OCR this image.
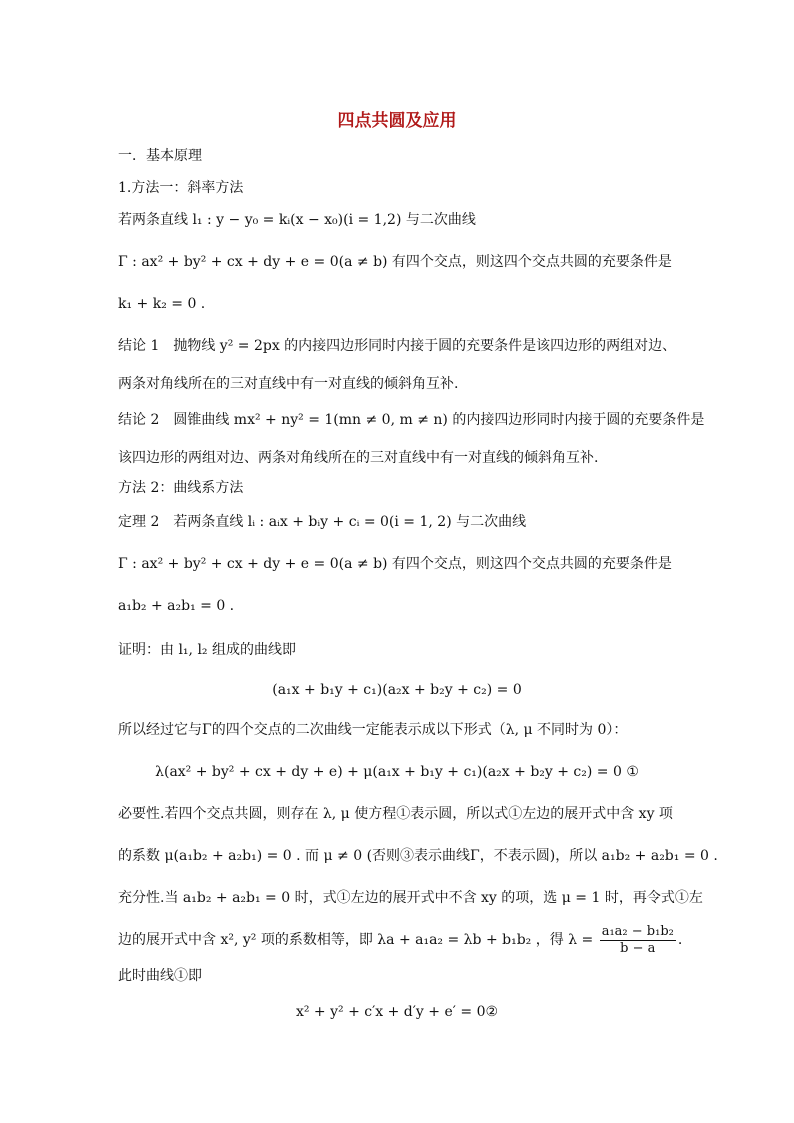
四点共圆及应用
一．基本原理
1.方法一：斜率方法
若两条直线 l₁ : y − y₀ = kᵢ(x − x₀)(i = 1,2) 与二次曲线
Γ : ax² + by² + cx + dy + e = 0(a ≠ b) 有四个交点，则这四个交点共圆的充要条件是
k₁ + k₂ = 0 .
结论 1　抛物线 y² = 2px 的内接四边形同时内接于圆的充要条件是该四边形的两组对边、
两条对角线所在的三对直线中有一对直线的倾斜角互补.
结论 2　圆锥曲线 mx² + ny² = 1(mn ≠ 0, m ≠ n) 的内接四边形同时内接于圆的充要条件是
该四边形的两组对边、两条对角线所在的三对直线中有一对直线的倾斜角互补.
方法 2：曲线系方法
定理 2　若两条直线 lᵢ : aᵢx + bᵢy + cᵢ = 0(i = 1, 2) 与二次曲线
Γ : ax² + by² + cx + dy + e = 0(a ≠ b) 有四个交点，则这四个交点共圆的充要条件是
a₁b₂ + a₂b₁ = 0 .
证明：由 l₁, l₂ 组成的曲线即
(a₁x + b₁y + c₁)(a₂x + b₂y + c₂) = 0
所以经过它与Γ的四个交点的二次曲线一定能表示成以下形式（λ, μ 不同时为 0）：
λ(ax² + by² + cx + dy + e) + μ(a₁x + b₁y + c₁)(a₂x + b₂y + c₂) = 0 ①
必要性.若四个交点共圆，则存在 λ, μ 使方程①表示圆，所以式①左边的展开式中含 xy 项
的系数 μ(a₁b₂ + a₂b₁) = 0 . 而 μ ≠ 0 (否则③表示曲线Γ，不表示圆)，所以 a₁b₂ + a₂b₁ = 0 .
充分性.当 a₁b₂ + a₂b₁ = 0 时，式①左边的展开式中不含 xy 的项，选 μ = 1 时，再令式①左
边的展开式中含 x², y² 项的系数相等，即 λa + a₁a₂ = λb + b₁b₂ ，得 $\lambda = \frac{\text{a₁a₂ − b₁b₂}}{b - a}$ .
此时曲线①即
x² + y² + c′x + d′y + e′ = 0②
